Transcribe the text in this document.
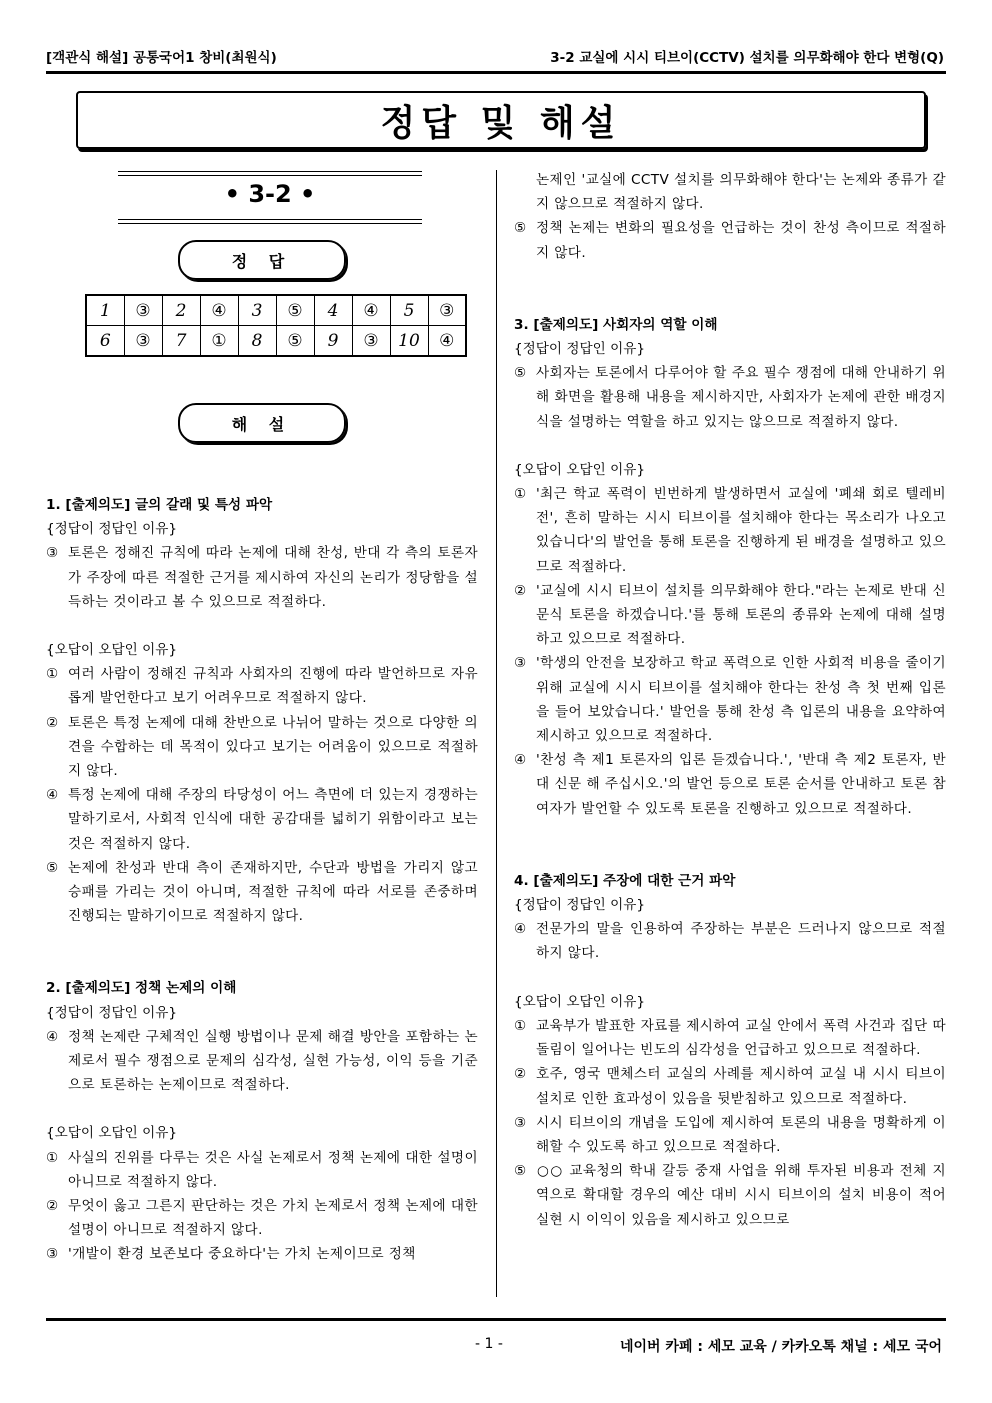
[객관식 해설] 공통국어1 창비(최원식)	3-2 교실에 시시 티브이(CCTV) 설치를 의무화해야 한다 변형(Q)
정답 및 해설
• 3-2 •
정 답
1	③	2	④	3	⑤	4	④	5	③
6	③	7	①	8	⑤	9	③	10	④
해 설
1. [출제의도] 글의 갈래 및 특성 파악
{정답이 정답인 이유}
③ 토론은 정해진 규칙에 따라 논제에 대해 찬성, 반대 각 측의 토론자가 주장에 따른 적절한 근거를 제시하여 자신의 논리가 정당함을 설득하는 것이라고 볼 수 있으므로 적절하다.
{오답이 오답인 이유}
① 여러 사람이 정해진 규칙과 사회자의 진행에 따라 발언하므로 자유롭게 발언한다고 보기 어려우므로 적절하지 않다.
② 토론은 특정 논제에 대해 찬반으로 나뉘어 말하는 것으로 다양한 의견을 수합하는 데 목적이 있다고 보기는 어려움이 있으므로 적절하지 않다.
④ 특정 논제에 대해 주장의 타당성이 어느 측면에 더 있는지 경쟁하는 말하기로서, 사회적 인식에 대한 공감대를 넓히기 위함이라고 보는 것은 적절하지 않다.
⑤ 논제에 찬성과 반대 측이 존재하지만, 수단과 방법을 가리지 않고 승패를 가리는 것이 아니며, 적절한 규칙에 따라 서로를 존중하며 진행되는 말하기이므로 적절하지 않다.
2. [출제의도] 정책 논제의 이해
{정답이 정답인 이유}
④ 정책 논제란 구체적인 실행 방법이나 문제 해결 방안을 포함하는 논제로서 필수 쟁점으로 문제의 심각성, 실현 가능성, 이익 등을 기준으로 토론하는 논제이므로 적절하다.
{오답이 오답인 이유}
① 사실의 진위를 다루는 것은 사실 논제로서 정책 논제에 대한 설명이 아니므로 적절하지 않다.
② 무엇이 옳고 그른지 판단하는 것은 가치 논제로서 정책 논제에 대한 설명이 아니므로 적절하지 않다.
③ '개발이 환경 보존보다 중요하다'는 가치 논제이므로 정책
논제인 '교실에 CCTV 설치를 의무화해야 한다'는 논제와 종류가 같지 않으므로 적절하지 않다.
⑤ 정책 논제는 변화의 필요성을 언급하는 것이 찬성 측이므로 적절하지 않다.
3. [출제의도] 사회자의 역할 이해
{정답이 정답인 이유}
⑤ 사회자는 토론에서 다루어야 할 주요 필수 쟁점에 대해 안내하기 위해 화면을 활용해 내용을 제시하지만, 사회자가 논제에 관한 배경지식을 설명하는 역할을 하고 있지는 않으므로 적절하지 않다.
{오답이 오답인 이유}
① '최근 학교 폭력이 빈번하게 발생하면서 교실에 '폐쇄 회로 텔레비전', 흔히 말하는 시시 티브이를 설치해야 한다는 목소리가 나오고 있습니다'의 발언을 통해 토론을 진행하게 된 배경을 설명하고 있으므로 적절하다.
② '교실에 시시 티브이 설치를 의무화해야 한다."라는 논제로 반대 신문식 토론을 하겠습니다.'를 통해 토론의 종류와 논제에 대해 설명하고 있으므로 적절하다.
③ '학생의 안전을 보장하고 학교 폭력으로 인한 사회적 비용을 줄이기 위해 교실에 시시 티브이를 설치해야 한다는 찬성 측 첫 번째 입론을 들어 보았습니다.' 발언을 통해 찬성 측 입론의 내용을 요약하여 제시하고 있으므로 적절하다.
④ '찬성 측 제1 토론자의 입론 듣겠습니다.', '반대 측 제2 토론자, 반대 신문 해 주십시오.'의 발언 등으로 토론 순서를 안내하고 토론 참여자가 발언할 수 있도록 토론을 진행하고 있으므로 적절하다.
4. [출제의도] 주장에 대한 근거 파악
{정답이 정답인 이유}
④ 전문가의 말을 인용하여 주장하는 부분은 드러나지 않으므로 적절하지 않다.
{오답이 오답인 이유}
① 교육부가 발표한 자료를 제시하여 교실 안에서 폭력 사건과 집단 따돌림이 일어나는 빈도의 심각성을 언급하고 있으므로 적절하다.
② 호주, 영국 맨체스터 교실의 사례를 제시하여 교실 내 시시 티브이 설치로 인한 효과성이 있음을 뒷받침하고 있으므로 적절하다.
③ 시시 티브이의 개념을 도입에 제시하여 토론의 내용을 명확하게 이해할 수 있도록 하고 있으므로 적절하다.
⑤ ○○ 교육청의 학내 갈등 중재 사업을 위해 투자된 비용과 전체 지역으로 확대할 경우의 예산 대비 시시 티브이의 설치 비용이 적어 실현 시 이익이 있음을 제시하고 있으므로
- 1 -	네이버 카페 : 세모 교육 / 카카오톡 채널 : 세모 국어
